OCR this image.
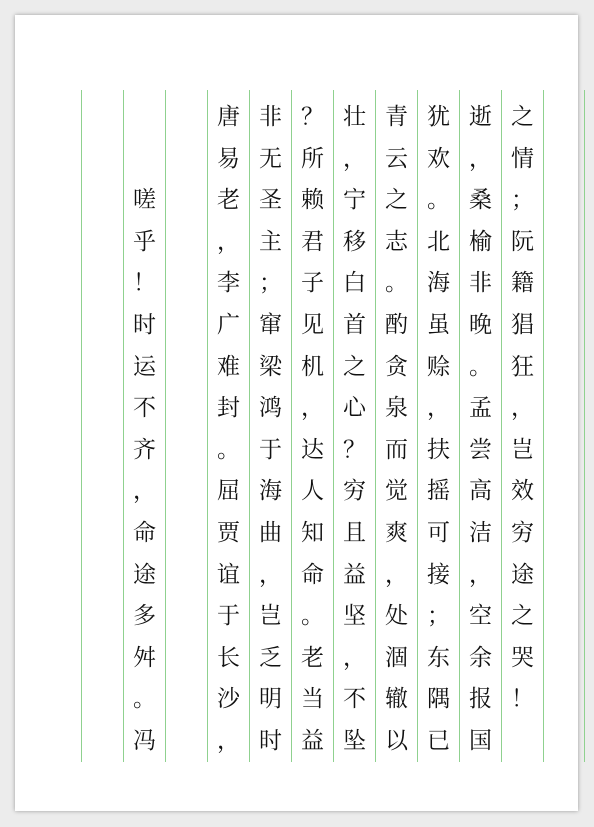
之
情
；
阮
籍
猖
狂
，
岂
效
穷
途
之
哭
！
逝
，
桑
榆
非
晚
。
孟
尝
高
洁
，
空
余
报
国
犹
欢
。
北
海
虽
赊
，
扶
摇
可
接
；
东
隅
已
青
云
之
志
。
酌
贪
泉
而
觉
爽
，
处
涸
辙
以
壮
，
宁
移
白
首
之
心
？
穷
且
益
坚
，
不
坠
？
所
赖
君
子
见
机
，
达
人
知
命
。
老
当
益
非
无
圣
主
；
窜
梁
鸿
于
海
曲
，
岂
乏
明
时
唐
易
老
，
李
广
难
封
。
屈
贾
谊
于
长
沙
，
嗟
乎
！
时
运
不
齐
，
命
途
多
舛
。
冯
